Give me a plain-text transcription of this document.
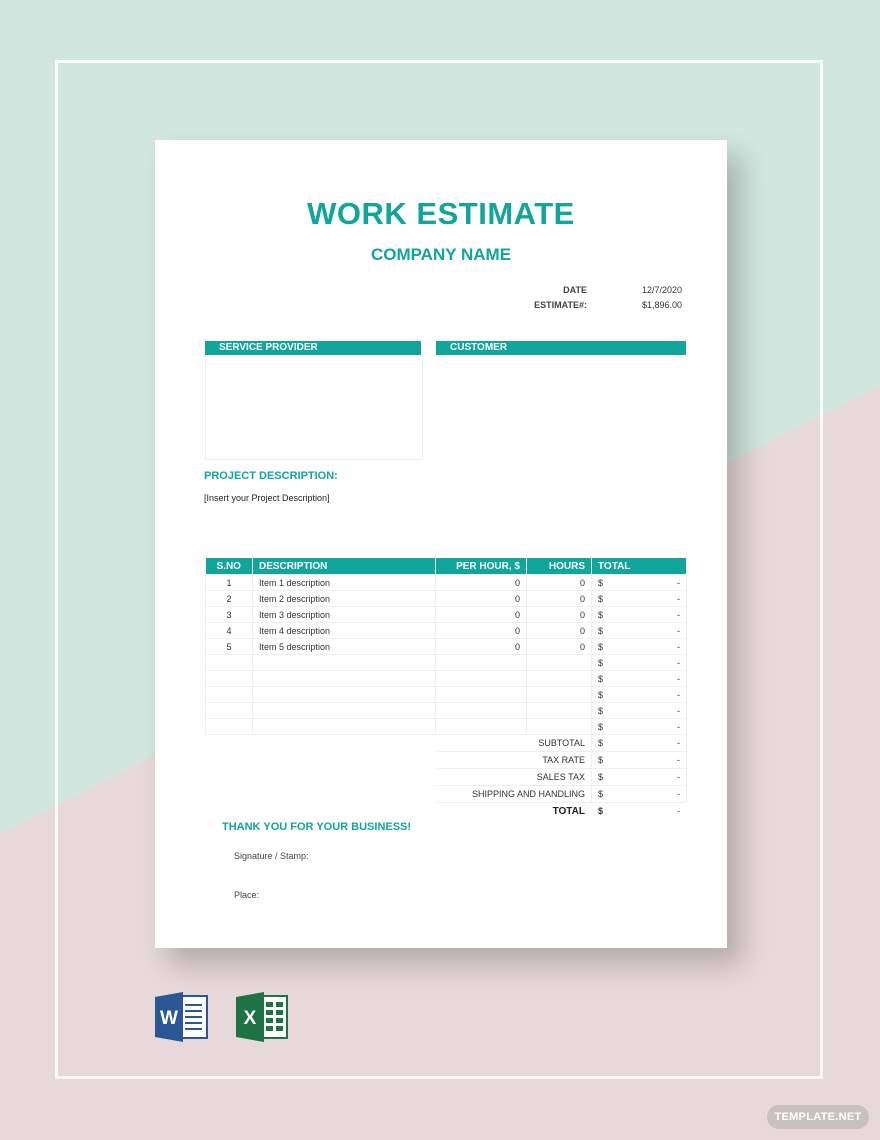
WORK ESTIMATE
COMPANY NAME
DATE	12/7/2020
ESTIMATE#:	$1,896.00
SERVICE PROVIDER	CUSTOMER
PROJECT DESCRIPTION:
[Insert your Project Description]
S.NO	DESCRIPTION	PER HOUR, $	HOURS	TOTAL
1	Item 1 description	0	0	$ -

2	Item 2 description	0	0	$ -

3	Item 3 description	0	0	$ -

4	Item 4 description	0	0	$ -

5	Item 5 description	0	0	$ -

				$ -

				$ -

				$ -

				$ -

				$ -

		SUBTOTAL		$ -

		TAX RATE		$ -

		SALES TAX		$ -

		SHIPPING AND HANDLING		$ -

		TOTAL		$ -
THANK YOU FOR YOUR BUSINESS!
Signature / Stamp:
Place:
W	X
TEMPLATE.NET
